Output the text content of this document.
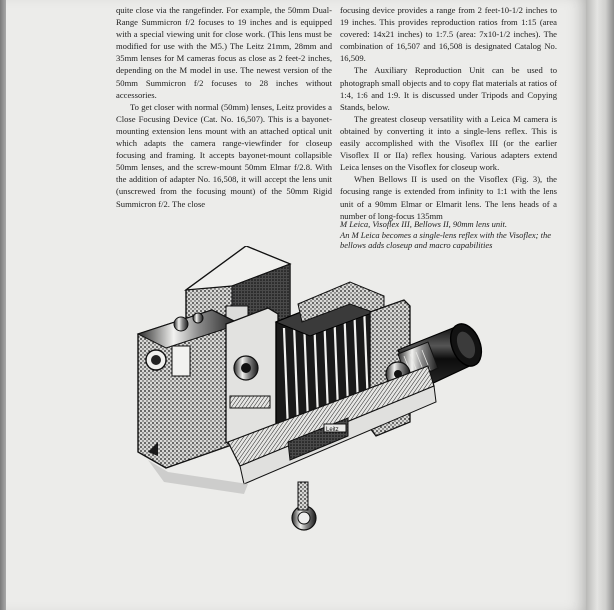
quite close via the rangefinder. For example, the 50mm Dual-Range Summicron f/2 focuses to 19 inches and is equipped with a special viewing unit for close work. (This lens must be modified for use with the M5.) The Leitz 21mm, 28mm and 35mm lenses for M cameras focus as close as 2 feet-2 inches, depending on the M model in use. The newest version of the 50mm Summicron f/2 focuses to 28 inches without accessories.

To get closer with normal (50mm) lenses, Leitz provides a Close Focusing Device (Cat. No. 16,507). This is a bayonet-mounting extension lens mount with an attached optical unit which adapts the camera range-viewfinder for closeup focusing and framing. It accepts bayonet-mount collapsible 50mm lenses, and the screw-mount 50mm Elmar f/2.8. With the addition of adapter No. 16,508, it will accept the lens unit (unscrewed from the focusing mount) of the 50mm Rigid Summicron f/2. The close

focusing device provides a range from 2 feet-10-1/2 inches to 19 inches. This provides reproduction ratios from 1:15 (area covered: 14x21 inches) to 1:7.5 (area: 7x10-1/2 inches). The combination of 16,507 and 16,508 is designated Catalog No. 16,509.

The Auxiliary Reproduction Unit can be used to photograph small objects and to copy flat materials at ratios of 1:4, 1:6 and 1:9. It is discussed under Tripods and Copying Stands, below.

The greatest closeup versatility with a Leica M camera is obtained by converting it into a single-lens reflex. This is easily accomplished with the Visoflex III (or the earlier Visoflex II or IIa) reflex housing. Various adapters extend Leica lenses on the Visoflex for closeup work.

When Bellows II is used on the Visoflex (Fig. 3), the focusing range is extended from infinity to 1:1 with the lens unit of a 90mm Elmar or Elmarit lens. The lens heads of a number of long-focus 135mm

M Leica, Visoflex III, Bellows II, 90mm lens unit.

An M Leica becomes a single-lens reflex with the Visoflex; the bellows adds closeup and macro capabilities

Leitz
